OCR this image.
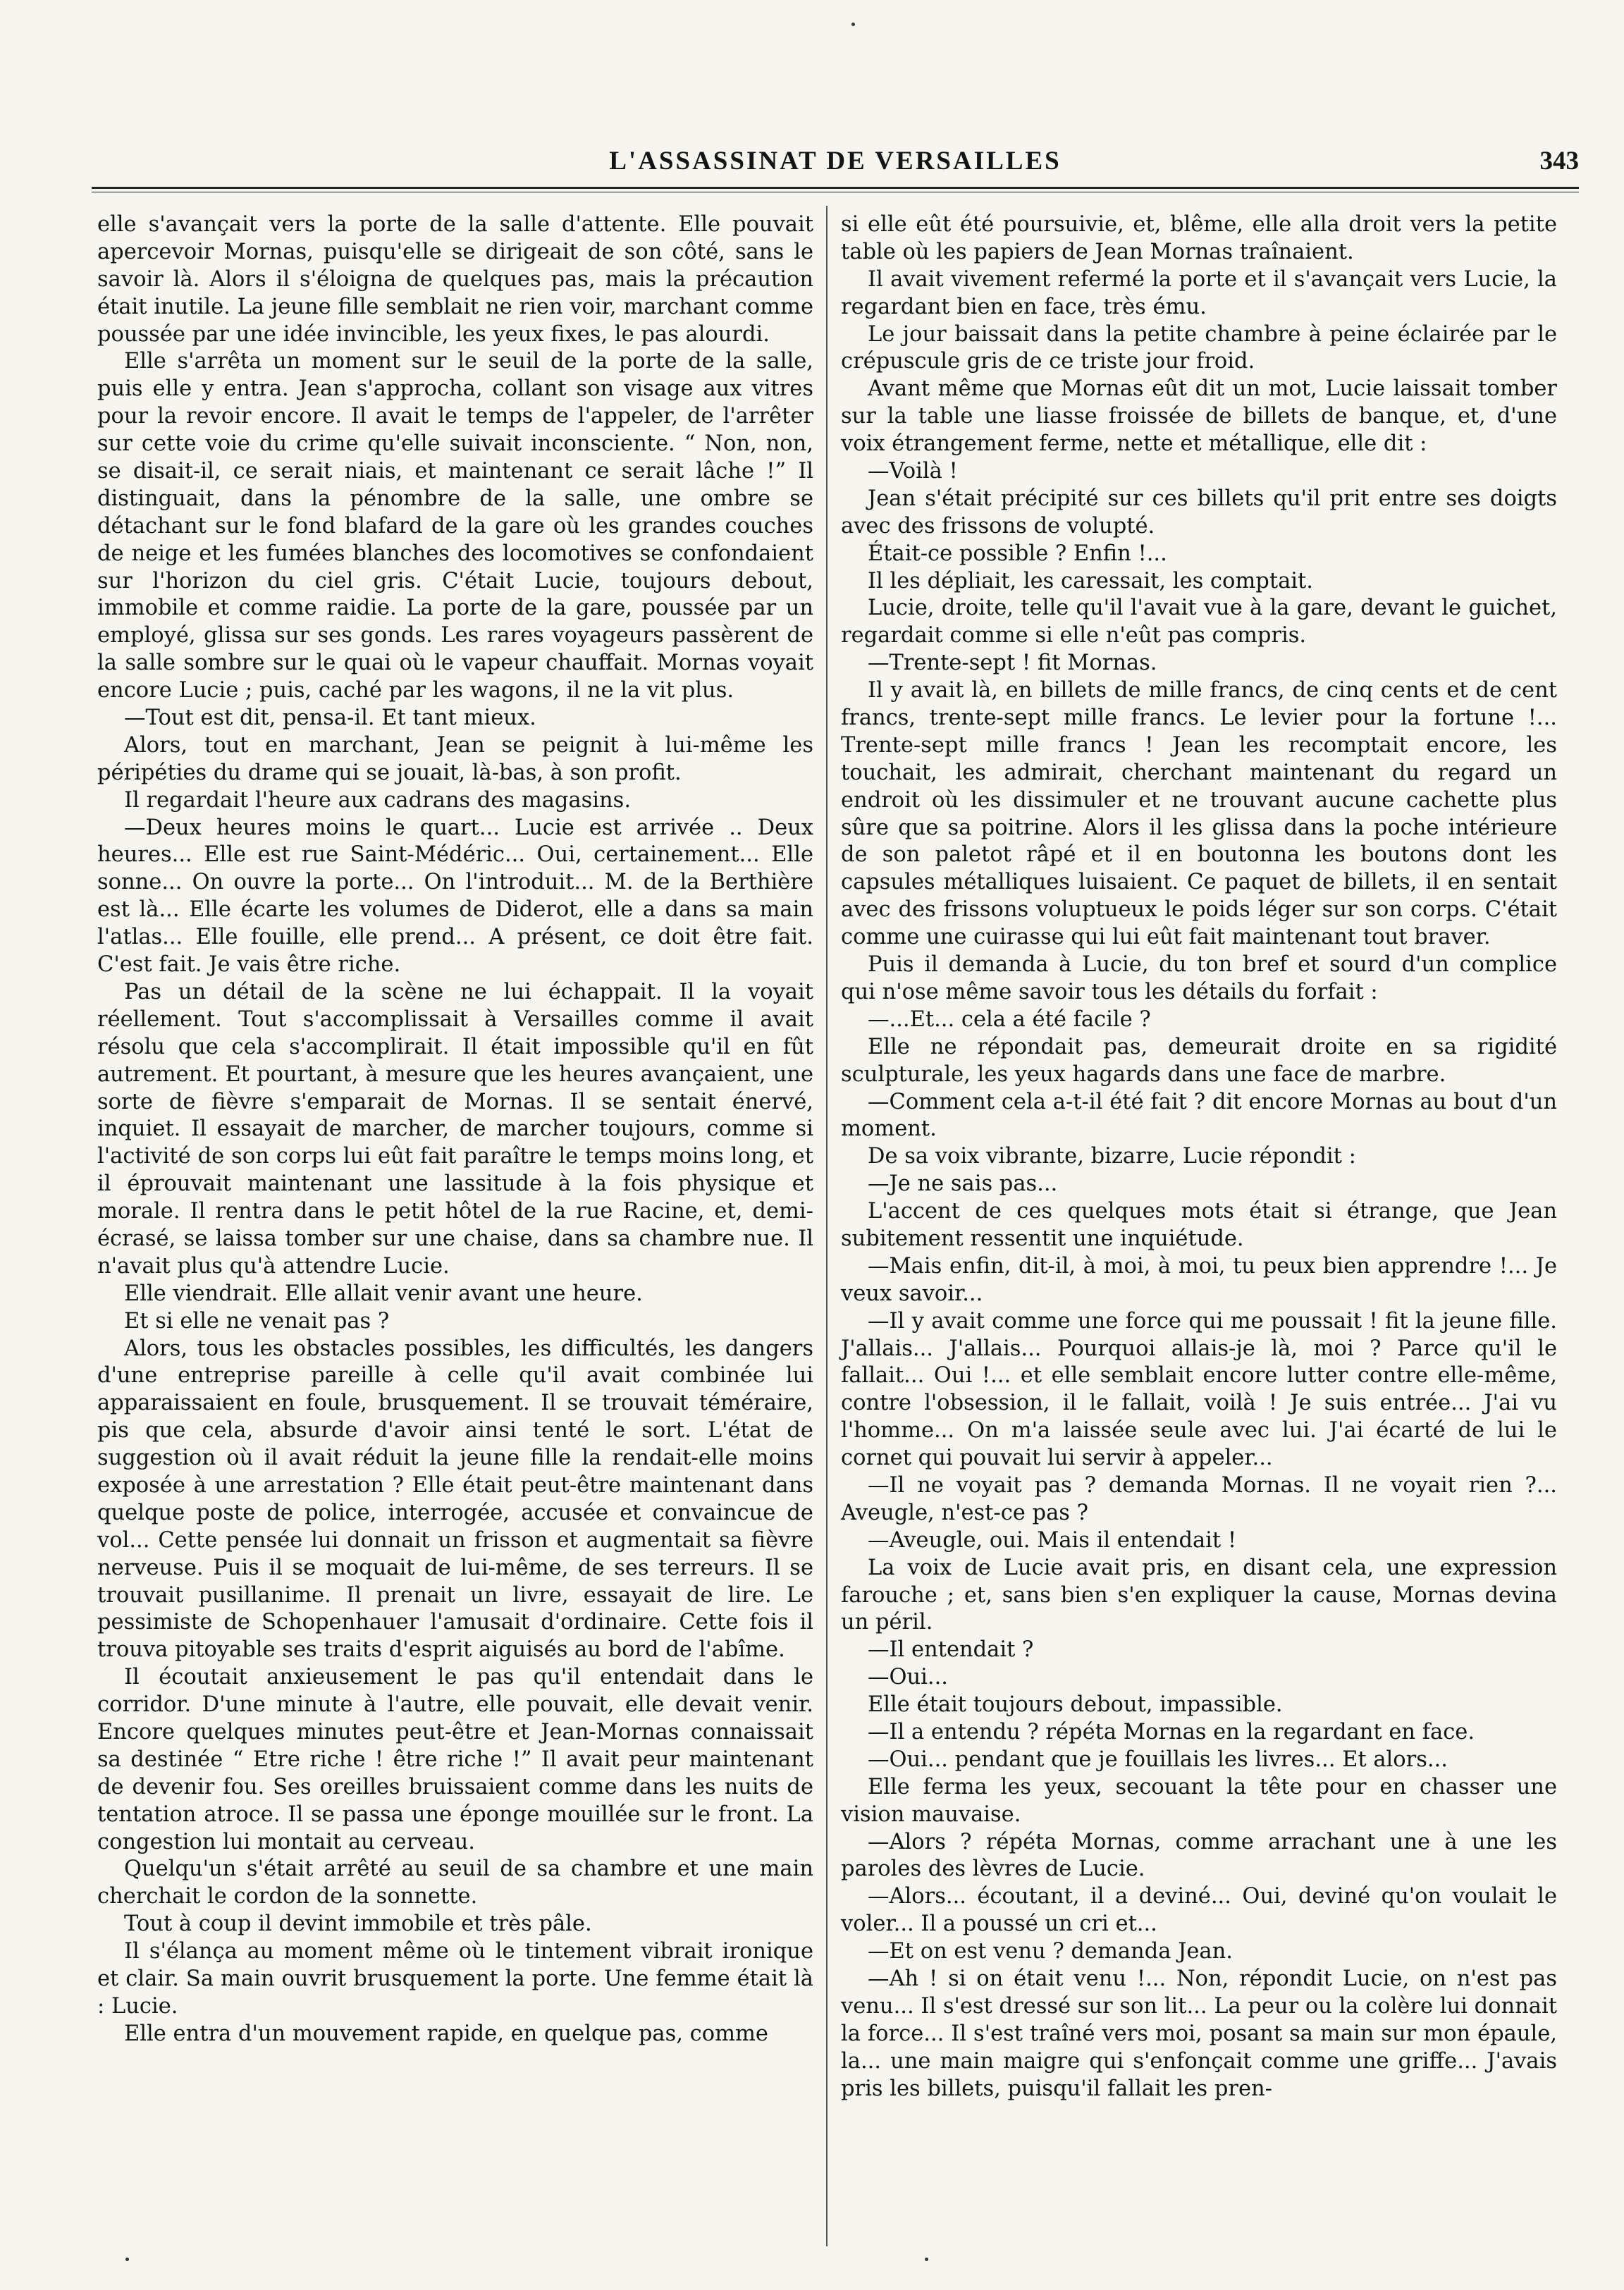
L'ASSASSINAT DE VERSAILLES	343

elle s'avançait vers la porte de la salle d'attente. Elle pouvait apercevoir Mornas, puisqu'elle se dirigeait de son côté, sans le savoir là. Alors il s'éloigna de quelques pas, mais la précaution était inutile. La jeune fille semblait ne rien voir, marchant comme poussée par une idée invincible, les yeux fixes, le pas alourdi.

Elle s'arrêta un moment sur le seuil de la porte de la salle, puis elle y entra. Jean s'approcha, collant son visage aux vitres pour la revoir encore. Il avait le temps de l'appeler, de l'arrêter sur cette voie du crime qu'elle suivait inconsciente. “ Non, non, se disait-il, ce serait niais, et maintenant ce serait lâche !” Il distinguait, dans la pénombre de la salle, une ombre se détachant sur le fond blafard de la gare où les grandes couches de neige et les fumées blanches des locomotives se confondaient sur l'horizon du ciel gris. C'était Lucie, toujours debout, immobile et comme raidie. La porte de la gare, poussée par un employé, glissa sur ses gonds. Les rares voyageurs passèrent de la salle sombre sur le quai où le vapeur chauffait. Mornas voyait encore Lucie ; puis, caché par les wagons, il ne la vit plus.

—Tout est dit, pensa-il. Et tant mieux.

Alors, tout en marchant, Jean se peignit à lui-même les péripéties du drame qui se jouait, là-bas, à son profit.

Il regardait l'heure aux cadrans des magasins.

—Deux heures moins le quart... Lucie est arrivée .. Deux heures... Elle est rue Saint-Médéric... Oui, certainement... Elle sonne... On ouvre la porte... On l'introduit... M. de la Berthière est là... Elle écarte les volumes de Diderot, elle a dans sa main l'atlas... Elle fouille, elle prend... A présent, ce doit être fait. C'est fait. Je vais être riche.

Pas un détail de la scène ne lui échappait. Il la voyait réellement. Tout s'accomplissait à Versailles comme il avait résolu que cela s'accomplirait. Il était impossible qu'il en fût autrement. Et pourtant, à mesure que les heures avançaient, une sorte de fièvre s'emparait de Mornas. Il se sentait énervé, inquiet. Il essayait de marcher, de marcher toujours, comme si l'activité de son corps lui eût fait paraître le temps moins long, et il éprouvait maintenant une lassitude à la fois physique et morale. Il rentra dans le petit hôtel de la rue Racine, et, demi-écrasé, se laissa tomber sur une chaise, dans sa chambre nue. Il n'avait plus qu'à attendre Lucie.

Elle viendrait. Elle allait venir avant une heure.

Et si elle ne venait pas ?

Alors, tous les obstacles possibles, les difficultés, les dangers d'une entreprise pareille à celle qu'il avait combinée lui apparaissaient en foule, brusquement. Il se trouvait téméraire, pis que cela, absurde d'avoir ainsi tenté le sort. L'état de suggestion où il avait réduit la jeune fille la rendait-elle moins exposée à une arrestation ? Elle était peut-être maintenant dans quelque poste de police, interrogée, accusée et convaincue de vol... Cette pensée lui donnait un frisson et augmentait sa fièvre nerveuse. Puis il se moquait de lui-même, de ses terreurs. Il se trouvait pusillanime. Il prenait un livre, essayait de lire. Le pessimiste de Schopenhauer l'amusait d'ordinaire. Cette fois il trouva pitoyable ses traits d'esprit aiguisés au bord de l'abîme.

Il écoutait anxieusement le pas qu'il entendait dans le corridor. D'une minute à l'autre, elle pouvait, elle devait venir. Encore quelques minutes peut-être et Jean-Mornas connaissait sa destinée “ Etre riche ! être riche !” Il avait peur maintenant de devenir fou. Ses oreilles bruissaient comme dans les nuits de tentation atroce. Il se passa une éponge mouillée sur le front. La congestion lui montait au cerveau.

Quelqu'un s'était arrêté au seuil de sa chambre et une main cherchait le cordon de la sonnette.

Tout à coup il devint immobile et très pâle.

Il s'élança au moment même où le tintement vibrait ironique et clair. Sa main ouvrit brusquement la porte. Une femme était là : Lucie.

Elle entra d'un mouvement rapide, en quelque pas, comme

si elle eût été poursuivie, et, blême, elle alla droit vers la petite table où les papiers de Jean Mornas traînaient.

Il avait vivement refermé la porte et il s'avançait vers Lucie, la regardant bien en face, très ému.

Le jour baissait dans la petite chambre à peine éclairée par le crépuscule gris de ce triste jour froid.

Avant même que Mornas eût dit un mot, Lucie laissait tomber sur la table une liasse froissée de billets de banque, et, d'une voix étrangement ferme, nette et métallique, elle dit :

—Voilà !

Jean s'était précipité sur ces billets qu'il prit entre ses doigts avec des frissons de volupté.

Était-ce possible ? Enfin !...

Il les dépliait, les caressait, les comptait.

Lucie, droite, telle qu'il l'avait vue à la gare, devant le guichet, regardait comme si elle n'eût pas compris.

—Trente-sept ! fit Mornas.

Il y avait là, en billets de mille francs, de cinq cents et de cent francs, trente-sept mille francs. Le levier pour la fortune !... Trente-sept mille francs ! Jean les recomptait encore, les touchait, les admirait, cherchant maintenant du regard un endroit où les dissimuler et ne trouvant aucune cachette plus sûre que sa poitrine. Alors il les glissa dans la poche intérieure de son paletot râpé et il en boutonna les boutons dont les capsules métalliques luisaient. Ce paquet de billets, il en sentait avec des frissons voluptueux le poids léger sur son corps. C'était comme une cuirasse qui lui eût fait maintenant tout braver.

Puis il demanda à Lucie, du ton bref et sourd d'un complice qui n'ose même savoir tous les détails du forfait :

—...Et... cela a été facile ?

Elle ne répondait pas, demeurait droite en sa rigidité sculpturale, les yeux hagards dans une face de marbre.

—Comment cela a-t-il été fait ? dit encore Mornas au bout d'un moment.

De sa voix vibrante, bizarre, Lucie répondit :

—Je ne sais pas...

L'accent de ces quelques mots était si étrange, que Jean subitement ressentit une inquiétude.

—Mais enfin, dit-il, à moi, à moi, tu peux bien apprendre !... Je veux savoir...

—Il y avait comme une force qui me poussait ! fit la jeune fille. J'allais... J'allais... Pourquoi allais-je là, moi ? Parce qu'il le fallait... Oui !... et elle semblait encore lutter contre elle-même, contre l'obsession, il le fallait, voilà ! Je suis entrée... J'ai vu l'homme... On m'a laissée seule avec lui. J'ai écarté de lui le cornet qui pouvait lui servir à appeler...

—Il ne voyait pas ? demanda Mornas. Il ne voyait rien ?... Aveugle, n'est-ce pas ?

—Aveugle, oui. Mais il entendait !

La voix de Lucie avait pris, en disant cela, une expression farouche ; et, sans bien s'en expliquer la cause, Mornas devina un péril.

—Il entendait ?

—Oui...

Elle était toujours debout, impassible.

—Il a entendu ? répéta Mornas en la regardant en face.

—Oui... pendant que je fouillais les livres... Et alors...

Elle ferma les yeux, secouant la tête pour en chasser une vision mauvaise.

—Alors ? répéta Mornas, comme arrachant une à une les paroles des lèvres de Lucie.

—Alors... écoutant, il a deviné... Oui, deviné qu'on voulait le voler... Il a poussé un cri et...

—Et on est venu ? demanda Jean.

—Ah ! si on était venu !... Non, répondit Lucie, on n'est pas venu... Il s'est dressé sur son lit... La peur ou la colère lui donnait la force... Il s'est traîné vers moi, posant sa main sur mon épaule, la... une main maigre qui s'enfonçait comme une griffe... J'avais pris les billets, puisqu'il fallait les pren-
